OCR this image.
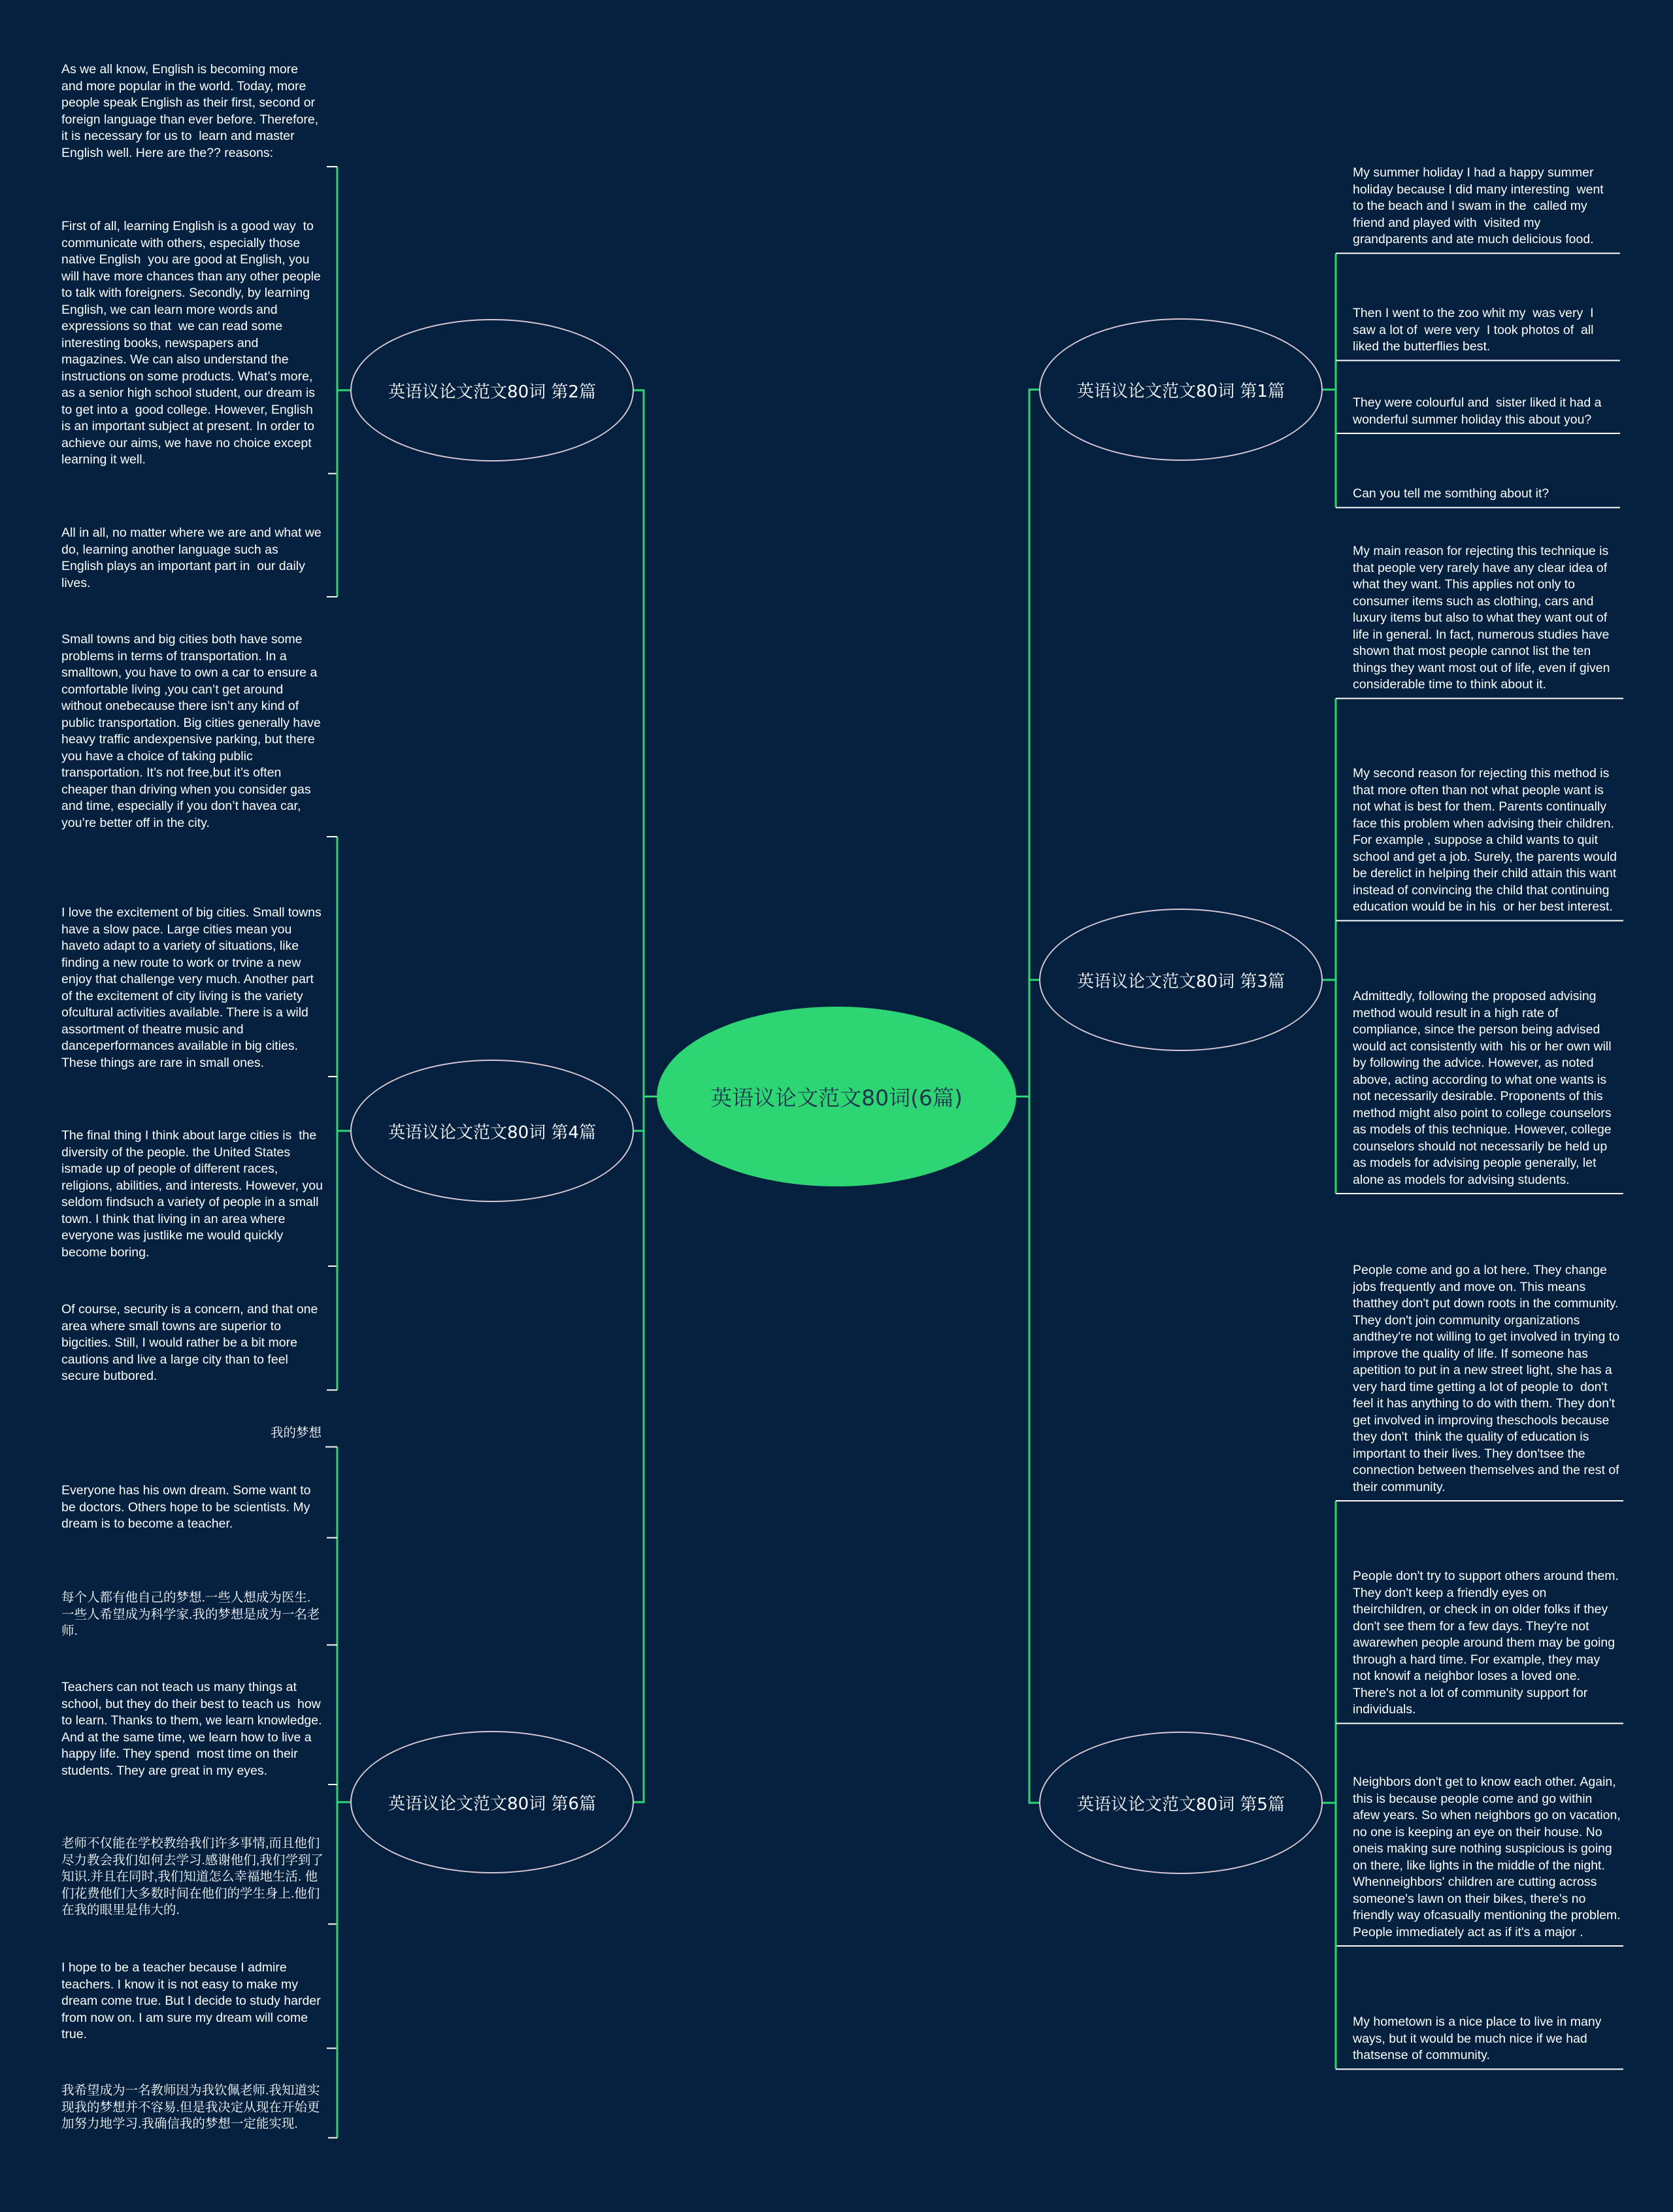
英语议论文范文80词(6篇)
英语议论文范文80词 第1篇
英语议论文范文80词 第3篇
英语议论文范文80词 第5篇
英语议论文范文80词 第2篇
英语议论文范文80词 第4篇
英语议论文范文80词 第6篇
My summer holiday I had a happy summer holiday because I did many interesting  went to the beach and I swam in the  called my friend and played with  visited my grandparents and ate much delicious food.
Then I went to the zoo whit my  was very  I saw a lot of  were very  I took photos of  all  liked the butterflies best.
They were colourful and  sister liked it had a wonderful summer holiday this about you?
Can you tell me somthing about it?
My main reason for rejecting this technique is that people very rarely have any clear idea of what they want. This applies not only to consumer items such as clothing, cars and luxury items but also to what they want out of life in general. In fact, numerous studies have shown that most people cannot list the ten things they want most out of life, even if given considerable time to think about it.
My second reason for rejecting this method is that more often than not what people want is not what is best for them. Parents continually face this problem when advising their children. For example , suppose a child wants to quit school and get a job. Surely, the parents would be derelict in helping their child attain this want instead of convincing the child that continuing education would be in his  or her best interest.
Admittedly, following the proposed advising method would result in a high rate of compliance, since the person being advised would act consistently with  his or her own will by following the advice. However, as noted above, acting according to what one wants is not necessarily desirable. Proponents of this method might also point to college counselors as models of this technique. However, college counselors should not necessarily be held up as models for advising people generally, let alone as models for advising students.
People come and go a lot here. They change jobs frequently and move on. This means thatthey don't put down roots in the community. They don't join community organizations andthey're not willing to get involved in trying to improve the quality of life. If someone has apetition to put in a new street light, she has a very hard time getting a lot of people to  don't feel it has anything to do with them. They don't get involved in improving theschools because they don't  think the quality of education is important to their lives. They don'tsee the connection between themselves and the rest of their community.
People don't try to support others around them. They don't keep a friendly eyes on theirchildren, or check in on older folks if they don't see them for a few days. They're not awarewhen people around them may be going through a hard time. For example, they may not knowif a neighbor loses a loved one. There's not a lot of community support for individuals.
Neighbors don't get to know each other. Again, this is because people come and go within afew years. So when neighbors go on vacation, no one is keeping an eye on their house. No oneis making sure nothing suspicious is going on there, like lights in the middle of the night. Whenneighbors' children are cutting across someone's lawn on their bikes, there's no friendly way ofcasually mentioning the problem. People immediately act as if it's a major .
My hometown is a nice place to live in many ways, but it would be much nice if we had thatsense of community.
As we all know, English is becoming more  and more popular in the world. Today, more people speak English as their first, second or foreign language than ever before. Therefore, it is necessary for us to  learn and master English well. Here are the?? reasons:
First of all, learning English is a good way  to communicate with others, especially those native English  you are good at English, you will have more chances than any other people to talk with foreigners. Secondly, by learning English, we can learn more words and expressions so that  we can read some interesting books, newspapers and magazines. We can also understand the instructions on some products. What’s more, as a senior high school student, our dream is to get into a  good college. However, English is an important subject at present. In order to achieve our aims, we have no choice except learning it well.
All in all, no matter where we are and what we do, learning another language such as English plays an important part in  our daily lives.
Small towns and big cities both have some problems in terms of transportation. In a smalltown, you have to own a car to ensure a comfortable living ,you can’t get around without onebecause there isn’t any kind of public transportation. Big cities generally have heavy traffic andexpensive parking, but there you have a choice of taking public transportation. It’s not free,but it’s often cheaper than driving when you consider gas and time, especially if you don’t havea car, you’re better off in the city.
I love the excitement of big cities. Small towns have a slow pace. Large cities mean you haveto adapt to a variety of situations, like finding a new route to work or trvine a new  enjoy that challenge very much. Another part of the excitement of city living is the variety ofcultural activities available. There is a wild assortment of theatre music and danceperformances available in big cities.  These things are rare in small ones.
The final thing I think about large cities is  the diversity of the people. the United States ismade up of people of different races, religions, abilities, and interests. However, you seldom findsuch a variety of people in a small town. I think that living in an area where everyone was justlike me would quickly become boring.
Of course, security is a concern, and that one area where small towns are superior to bigcities. Still, I would rather be a bit more cautions and live a large city than to feel secure butbored.
我的梦想
Everyone has his own dream. Some want to be doctors. Others hope to be scientists. My dream is to become a teacher.
每个人都有他自己的梦想.一些人想成为医生.一些人希望成为科学家.我的梦想是成为一名老师.
Teachers can not teach us many things at  school, but they do their best to teach us  how to learn. Thanks to them, we learn knowledge. And at the same time, we learn how to live a happy life. They spend  most time on their students. They are great in my eyes.
老师不仅能在学校教给我们许多事情,而且他们尽力教会我们如何去学习.感谢他们,我们学到了知识.并且在同时,我们知道怎么幸福地生活. 他们花费他们大多数时间在他们的学生身上.他们在我的眼里是伟大的.
I hope to be a teacher because I admire teachers. I know it is not easy to make my  dream come true. But I decide to study harder from now on. I am sure my dream will come true.
我希望成为一名教师因为我钦佩老师.我知道实现我的梦想并不容易.但是我决定从现在开始更加努力地学习.我确信我的梦想一定能实现.
